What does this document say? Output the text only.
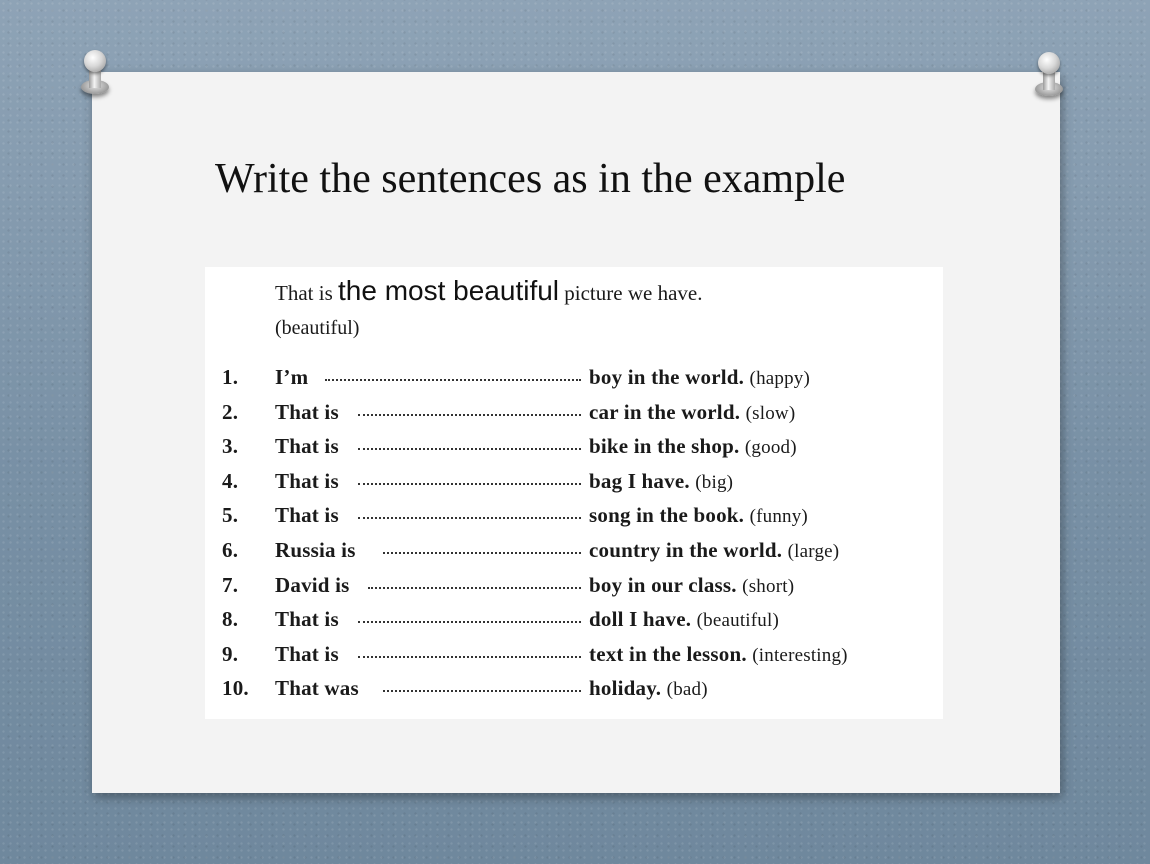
Write the sentences as in the example
That is the most beautiful picture we have.
(beautiful)
1. I’m	boy in the world. (happy)
2. That is	car in the world. (slow)
3. That is	bike in the shop. (good)
4. That is	bag I have. (big)
5. That is	song in the book. (funny)
6. Russia is	country in the world. (large)
7. David is	boy in our class. (short)
8. That is	doll I have. (beautiful)
9. That is	text in the lesson. (interesting)
10. That was	holiday. (bad)
